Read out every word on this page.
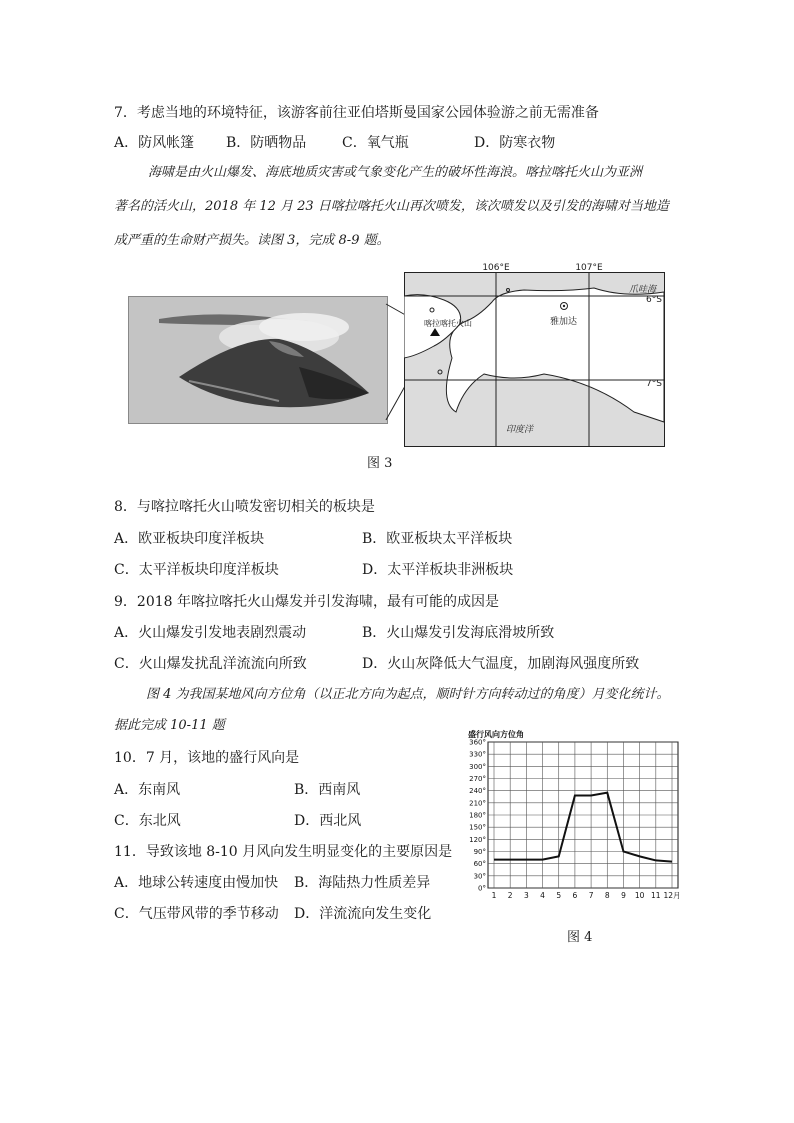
7．考虑当地的环境特征，该游客前往亚伯塔斯曼国家公园体验游之前无需准备
A．防风帐篷 B．防晒物品	C．氧气瓶	D．防寒衣物
海啸是由火山爆发、海底地质灾害或气象变化产生的破坏性海浪。喀拉喀托火山为亚洲
著名的活火山，2018 年 12 月 23 日喀拉喀托火山再次喷发，该次喷发以及引发的海啸对当地造
成严重的生命财产损失。读图 3，完成 8-9 题。
106°E	107°E
6°S
7°S
爪哇海
印度洋
喀拉喀托火山	雅加达
图 3
8．与喀拉喀托火山喷发密切相关的板块是
A．欧亚板块印度洋板块	B．欧亚板块太平洋板块
C．太平洋板块印度洋板块	D．太平洋板块非洲板块
9．2018 年喀拉喀托火山爆发并引发海啸，最有可能的成因是
A．火山爆发引发地表剧烈震动	B．火山爆发引发海底滑坡所致
C．火山爆发扰乱洋流流向所致	D．火山灰降低大气温度，加剧海风强度所致
图 4 为我国某地风向方位角（以正北方向为起点，顺时针方向转动过的角度）月变化统计。
据此完成 10-11 题
10．7 月，该地的盛行风向是
A．东南风	B．西南风
C．东北风	D．西北风
11．导致该地 8-10 月风向发生明显变化的主要原因是
A．地球公转速度由慢加快 B．海陆热力性质差异
C．气压带风带的季节移动 D．洋流流向发生变化
盛行风向方位角
0°
30°
60°
90°
120°
150°
180°
210°
240°
270°
300°
330°
360°
1 2 3 4 5 6 7 8 9 10 11 12月
图 4
